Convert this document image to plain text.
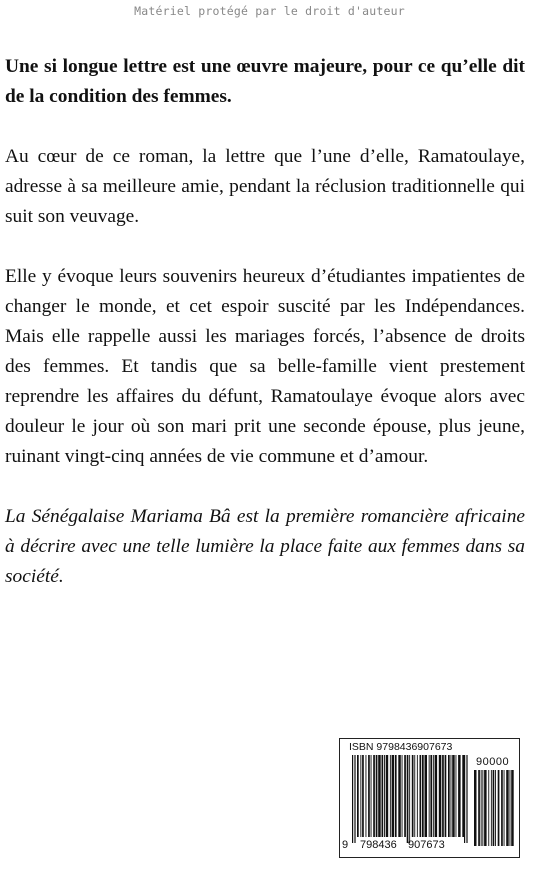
Matériel protégé par le droit d'auteur

Une si longue lettre est une œuvre majeure, pour ce qu’elle dit de la condition des femmes.

Au cœur de ce roman, la lettre que l’une d’elle, Ramatoulaye, adresse à sa meilleure amie, pendant la réclusion traditionnelle qui suit son veuvage.

Elle y évoque leurs souvenirs heureux d’étudiantes impatientes de changer le monde, et cet espoir suscité par les Indépendances. Mais elle rappelle aussi les mariages forcés, l’absence de droits des femmes. Et tandis que sa belle-famille vient prestement reprendre les affaires du défunt, Ramatoulaye évoque alors avec douleur le jour où son mari prit une seconde épouse, plus jeune, ruinant vingt-cinq années de vie commune et d’amour.

La Sénégalaise Mariama Bâ est la première romancière africaine à décrire avec une telle lumière la place faite aux femmes dans sa société.

ISBN 9798436907673
90000
9 798436 907673
